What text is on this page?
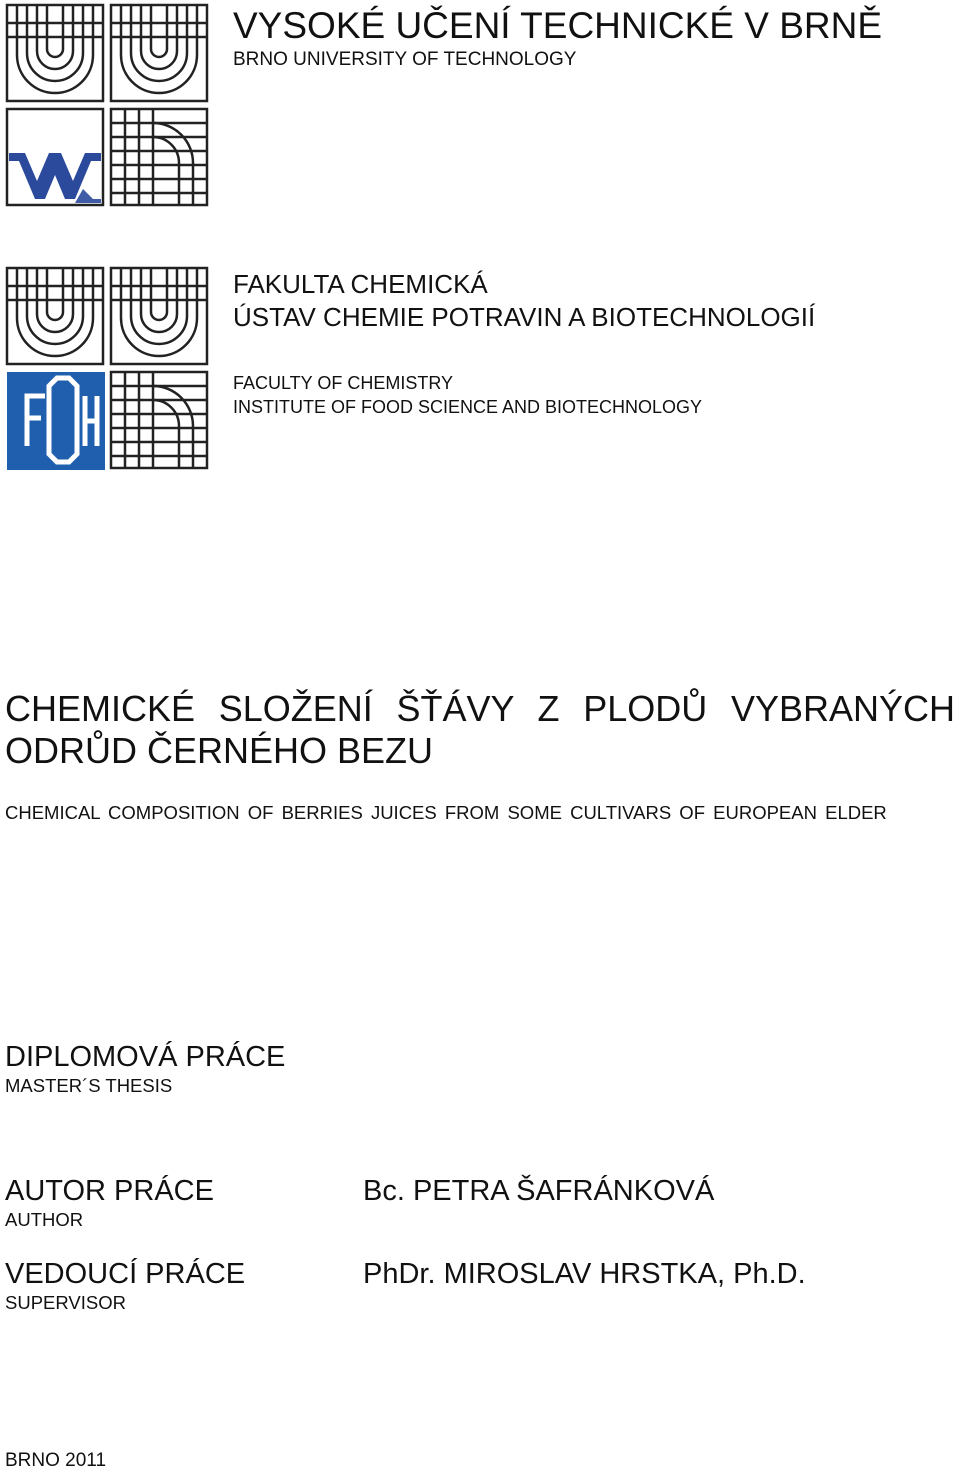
VYSOKÉ UČENÍ TECHNICKÉ V BRNĚ
BRNO UNIVERSITY OF TECHNOLOGY
FAKULTA CHEMICKÁ
ÚSTAV CHEMIE POTRAVIN A BIOTECHNOLOGIÍ
FACULTY OF CHEMISTRY
INSTITUTE OF FOOD SCIENCE AND BIOTECHNOLOGY
CHEMICKÉ SLOŽENÍ ŠŤÁVY Z PLODŮ VYBRANÝCH ODRŮD ČERNÉHO BEZU
CHEMICAL COMPOSITION OF BERRIES JUICES FROM SOME CULTIVARS OF EUROPEAN ELDER
DIPLOMOVÁ PRÁCE
MASTER´S THESIS
AUTOR PRÁCE
AUTHOR
Bc. PETRA ŠAFRÁNKOVÁ
VEDOUCÍ PRÁCE
SUPERVISOR
PhDr. MIROSLAV HRSTKA, Ph.D.
BRNO 2011
